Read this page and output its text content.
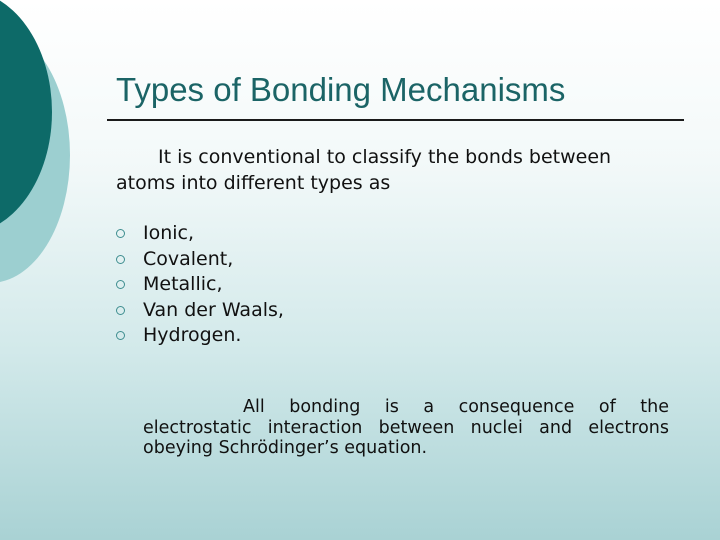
Types of Bonding Mechanisms

It is conventional to classify the bonds between atoms into different types as

Ionic,
Covalent,
Metallic,
Van der Waals,
Hydrogen.

All bonding is a consequence of the electrostatic interaction between nuclei and electrons obeying Schrödinger’s equation.
